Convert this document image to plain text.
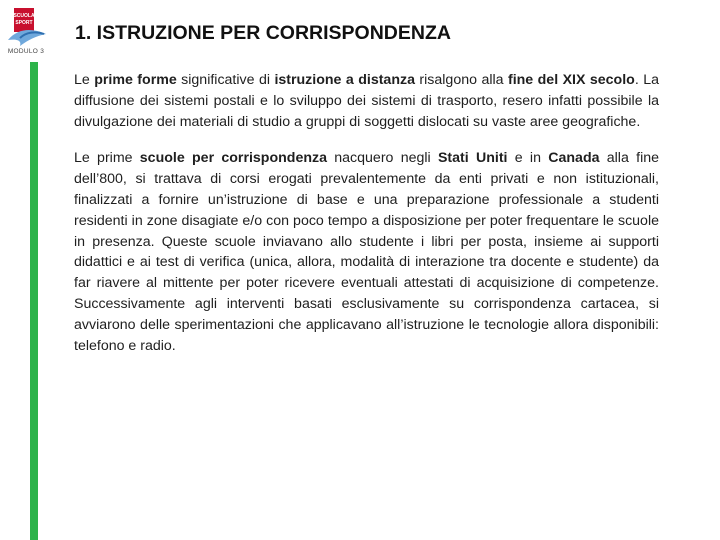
SCUOLA
SPORT
MODULO 3
1. ISTRUZIONE PER CORRISPONDENZA

Le prime forme significative di istruzione a distanza risalgono alla fine del XIX secolo. La diffusione dei sistemi postali e lo sviluppo dei sistemi di trasporto, resero infatti possibile la divulgazione dei materiali di studio a gruppi di soggetti dislocati su vaste aree geografiche.

Le prime scuole per corrispondenza nacquero negli Stati Uniti e in Canada alla fine dell’800, si trattava di corsi erogati prevalentemente da enti privati e non istituzionali, finalizzati a fornire un’istruzione di base e una preparazione professionale a studenti residenti in zone disagiate e/o con poco tempo a disposizione per poter frequentare le scuole in presenza. Queste scuole inviavano allo studente i libri per posta, insieme ai supporti didattici e ai test di verifica (unica, allora, modalità di interazione tra docente e studente) da far riavere al mittente per poter ricevere eventuali attestati di acquisizione di competenze. Successivamente agli interventi basati esclusivamente su corrispondenza cartacea, si avviarono delle sperimentazioni che applicavano all’istruzione le tecnologie allora disponibili: telefono e radio.
